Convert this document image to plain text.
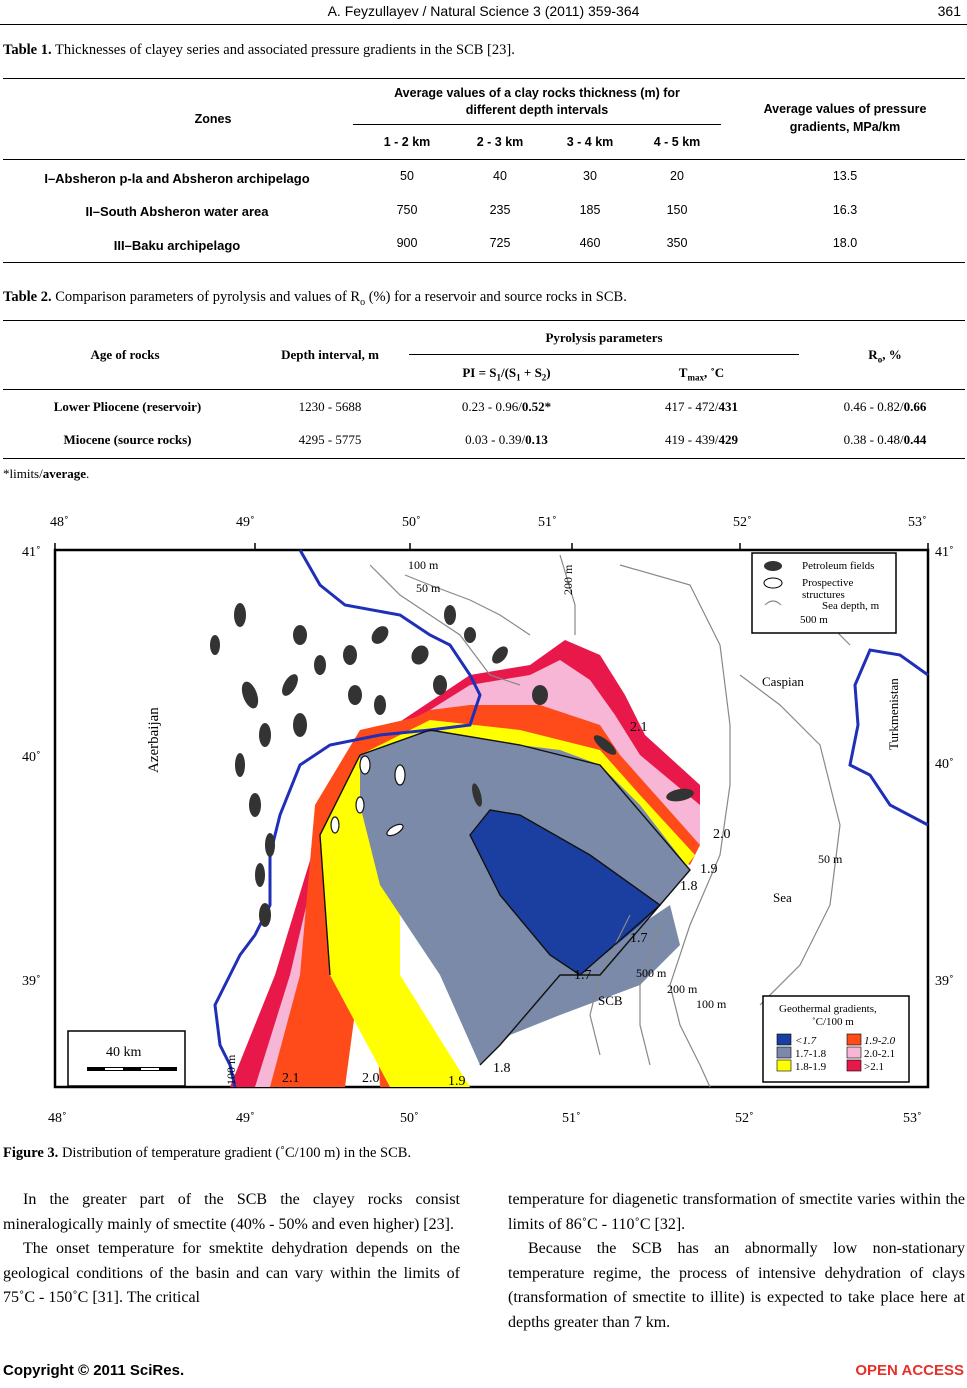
A. Feyzullayev / Natural Science 3 (2011) 359-364	361
Table 1. Thicknesses of clayey series and associated pressure gradients in the SCB [23].
Zones
Average values of a clay rocks thickness (m) for
different depth intervals
1 - 2 km	2 - 3 km	3 - 4 km	4 - 5 km
Average values of pressure
gradients, MPa/km
I–Absheron p-la and Absheron archipelago	50	40	30	20	13.5
II–South Absheron water area	750	235	185	150	16.3
III–Baku archipelago	900	725	460	350	18.0
Table 2. Comparison parameters of pyrolysis and values of $R_o$ (%) for a reservoir and source rocks in SCB.
Age of rocks	Depth interval, m
Pyrolysis parameters
PI = $S_1/(S_1 + S_2)$	$T_{max}$, ˚C
$R_o$, %
Lower Pliocene (reservoir)	1230 - 5688	0.23 - 0.96/0.52*	417 - 472/431	0.46 - 0.82/0.66
Miocene (source rocks)	4295 - 5775	0.03 - 0.39/0.13	419 - 439/429	0.38 - 0.48/0.44
*limits/average.
48˚	49˚	50˚	51˚	52˚	53˚
48˚	49˚	50˚	51˚	52˚	53˚
41˚
40˚
39˚
41˚
40˚
39˚
Azerbaijan	Turkmenistan
Caspian
Sea
SCB
100 m
50 m	200 m
50 m
500 m
200 m
100 m
100 m	2.1	2.0	1.9
1.8
1.7
1.7
1.8
1.9
2.0
2.1
40 km
Petroleum fields
Prospective
structures
Sea depth, m
500 m
Geothermal gradients,
˚C/100 m
<1.7
1.7-1.8
1.8-1.9
1.9-2.0
2.0-2.1
>2.1
Figure 3. Distribution of temperature gradient (˚C/100 m) in the SCB.

In the greater part of the SCB the clayey rocks consist mineralogically mainly of smectite (40% - 50% and even higher) [23].

The onset temperature for smektite dehydration depends on the geological conditions of the basin and can vary within the limits of 75˚C - 150˚C [31]. The critical

temperature for diagenetic transformation of smectite varies within the limits of 86˚C - 110˚C [32].

Because the SCB has an abnormally low non-stationary temperature regime, the process of intensive dehydration of clays (transformation of smectite to illite) is expected to take place here at depths greater than 7 km.

Copyright © 2011 SciRes.	OPEN ACCESS
